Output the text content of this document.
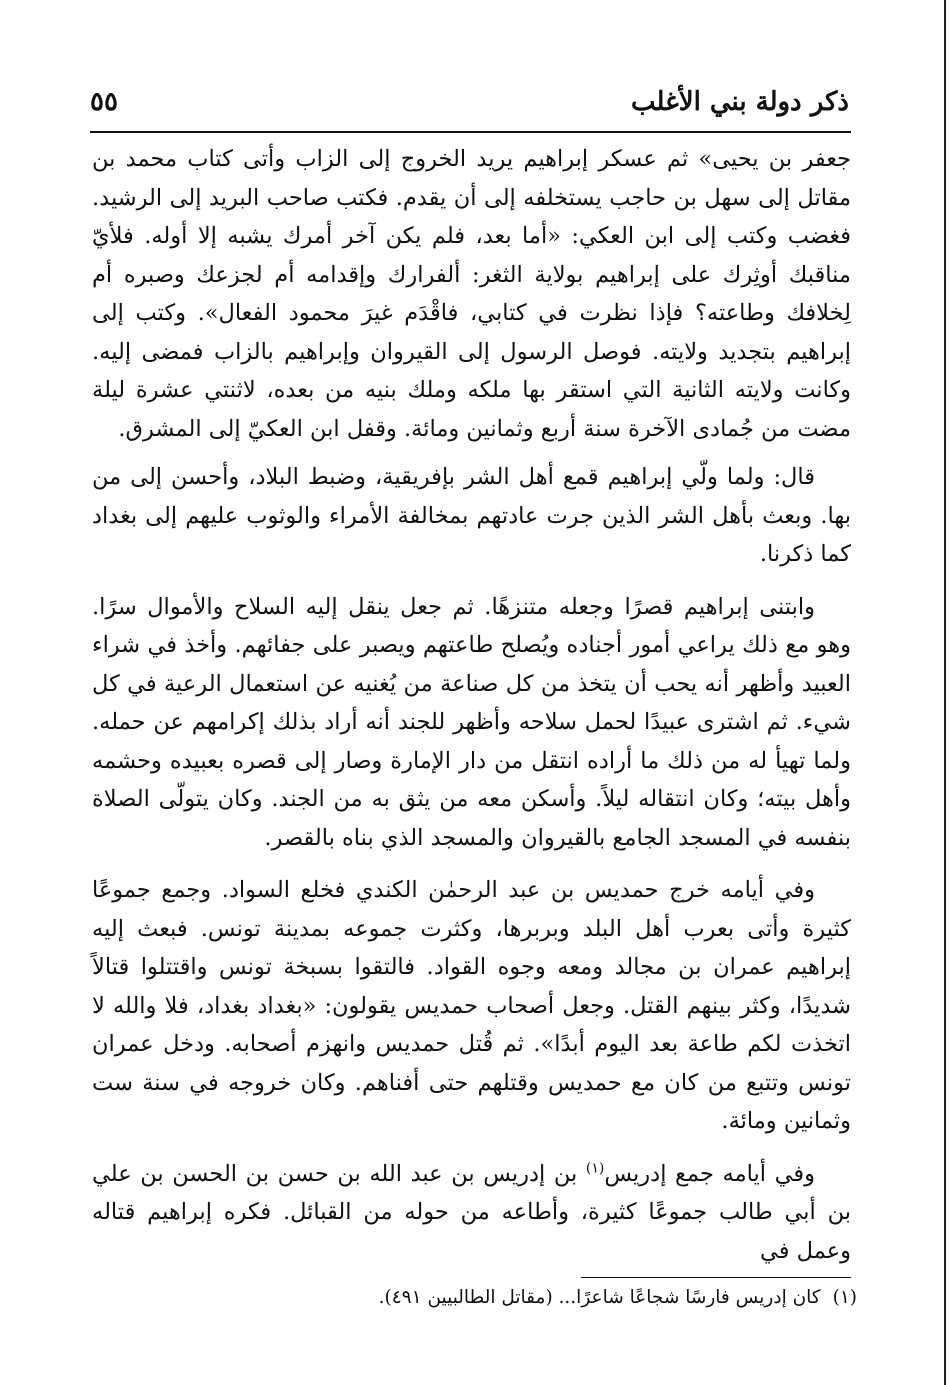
ذكر دولة بني الأغلب
٥٥

جعفر بن يحيى» ثم عسكر إبراهيم يريد الخروج إلى الزاب وأتى كتاب محمد بن مقاتل إلى سهل بن حاجب يستخلفه إلى أن يقدم. فكتب صاحب البريد إلى الرشيد. فغضب وكتب إلى ابن العكي: «أما بعد، فلم يكن آخر أمرك يشبه إلا أوله. فلأيّ مناقبك أوثِرك على إبراهيم بولاية الثغر: ألفرارك وإقدامه أم لجزعك وصبره أم لِخلافك وطاعته؟ فإذا نظرت في كتابي، فاقْدَم غيرَ محمود الفعال». وكتب إلى إبراهيم بتجديد ولايته. فوصل الرسول إلى القيروان وإبراهيم بالزاب فمضى إليه. وكانت ولايته الثانية التي استقر بها ملكه وملك بنيه من بعده، لاثنتي عشرة ليلة مضت من جُمادى الآخرة سنة أربع وثمانين ومائة. وقفل ابن العكيّ إلى المشرق.

قال: ولما ولّي إبراهيم قمع أهل الشر بإفريقية، وضبط البلاد، وأحسن إلى من بها. وبعث بأهل الشر الذين جرت عادتهم بمخالفة الأمراء والوثوب عليهم إلى بغداد كما ذكرنا.

وابتنى إبراهيم قصرًا وجعله متنزهًا. ثم جعل ينقل إليه السلاح والأموال سرًا. وهو مع ذلك يراعي أمور أجناده ويُصلح طاعتهم ويصبر على جفائهم. وأخذ في شراء العبيد وأظهر أنه يحب أن يتخذ من كل صناعة من يُغنيه عن استعمال الرعية في كل شيء. ثم اشترى عبيدًا لحمل سلاحه وأظهر للجند أنه أراد بذلك إكرامهم عن حمله. ولما تهيأ له من ذلك ما أراده انتقل من دار الإمارة وصار إلى قصره بعبيده وحشمه وأهل بيته؛ وكان انتقاله ليلاً. وأسكن معه من يثق به من الجند. وكان يتولّى الصلاة بنفسه في المسجد الجامع بالقيروان والمسجد الذي بناه بالقصر.

وفي أيامه خرج حمديس بن عبد الرحمٰن الكندي فخلع السواد. وجمع جموعًا كثيرة وأتى بعرب أهل البلد وبربرها، وكثرت جموعه بمدينة تونس. فبعث إليه إبراهيم عمران بن مجالد ومعه وجوه القواد. فالتقوا بسبخة تونس واقتتلوا قتالاً شديدًا، وكثر بينهم القتل. وجعل أصحاب حمديس يقولون: «بغداد بغداد، فلا والله لا اتخذت لكم طاعة بعد اليوم أبدًا». ثم قُتل حمديس وانهزم أصحابه. ودخل عمران تونس وتتبع من كان مع حمديس وقتلهم حتى أفناهم. وكان خروجه في سنة ست وثمانين ومائة.

وفي أيامه جمع إدريس$^{(١)}$ بن إدريس بن عبد الله بن حسن بن الحسن بن علي بن أبي طالب جموعًا كثيرة، وأطاعه من حوله من القبائل. فكره إبراهيم قتاله وعمل في

(١)كان إدريس فارسًا شجاعًا شاعرًا... (مقاتل الطالبيين ٤٩١).
